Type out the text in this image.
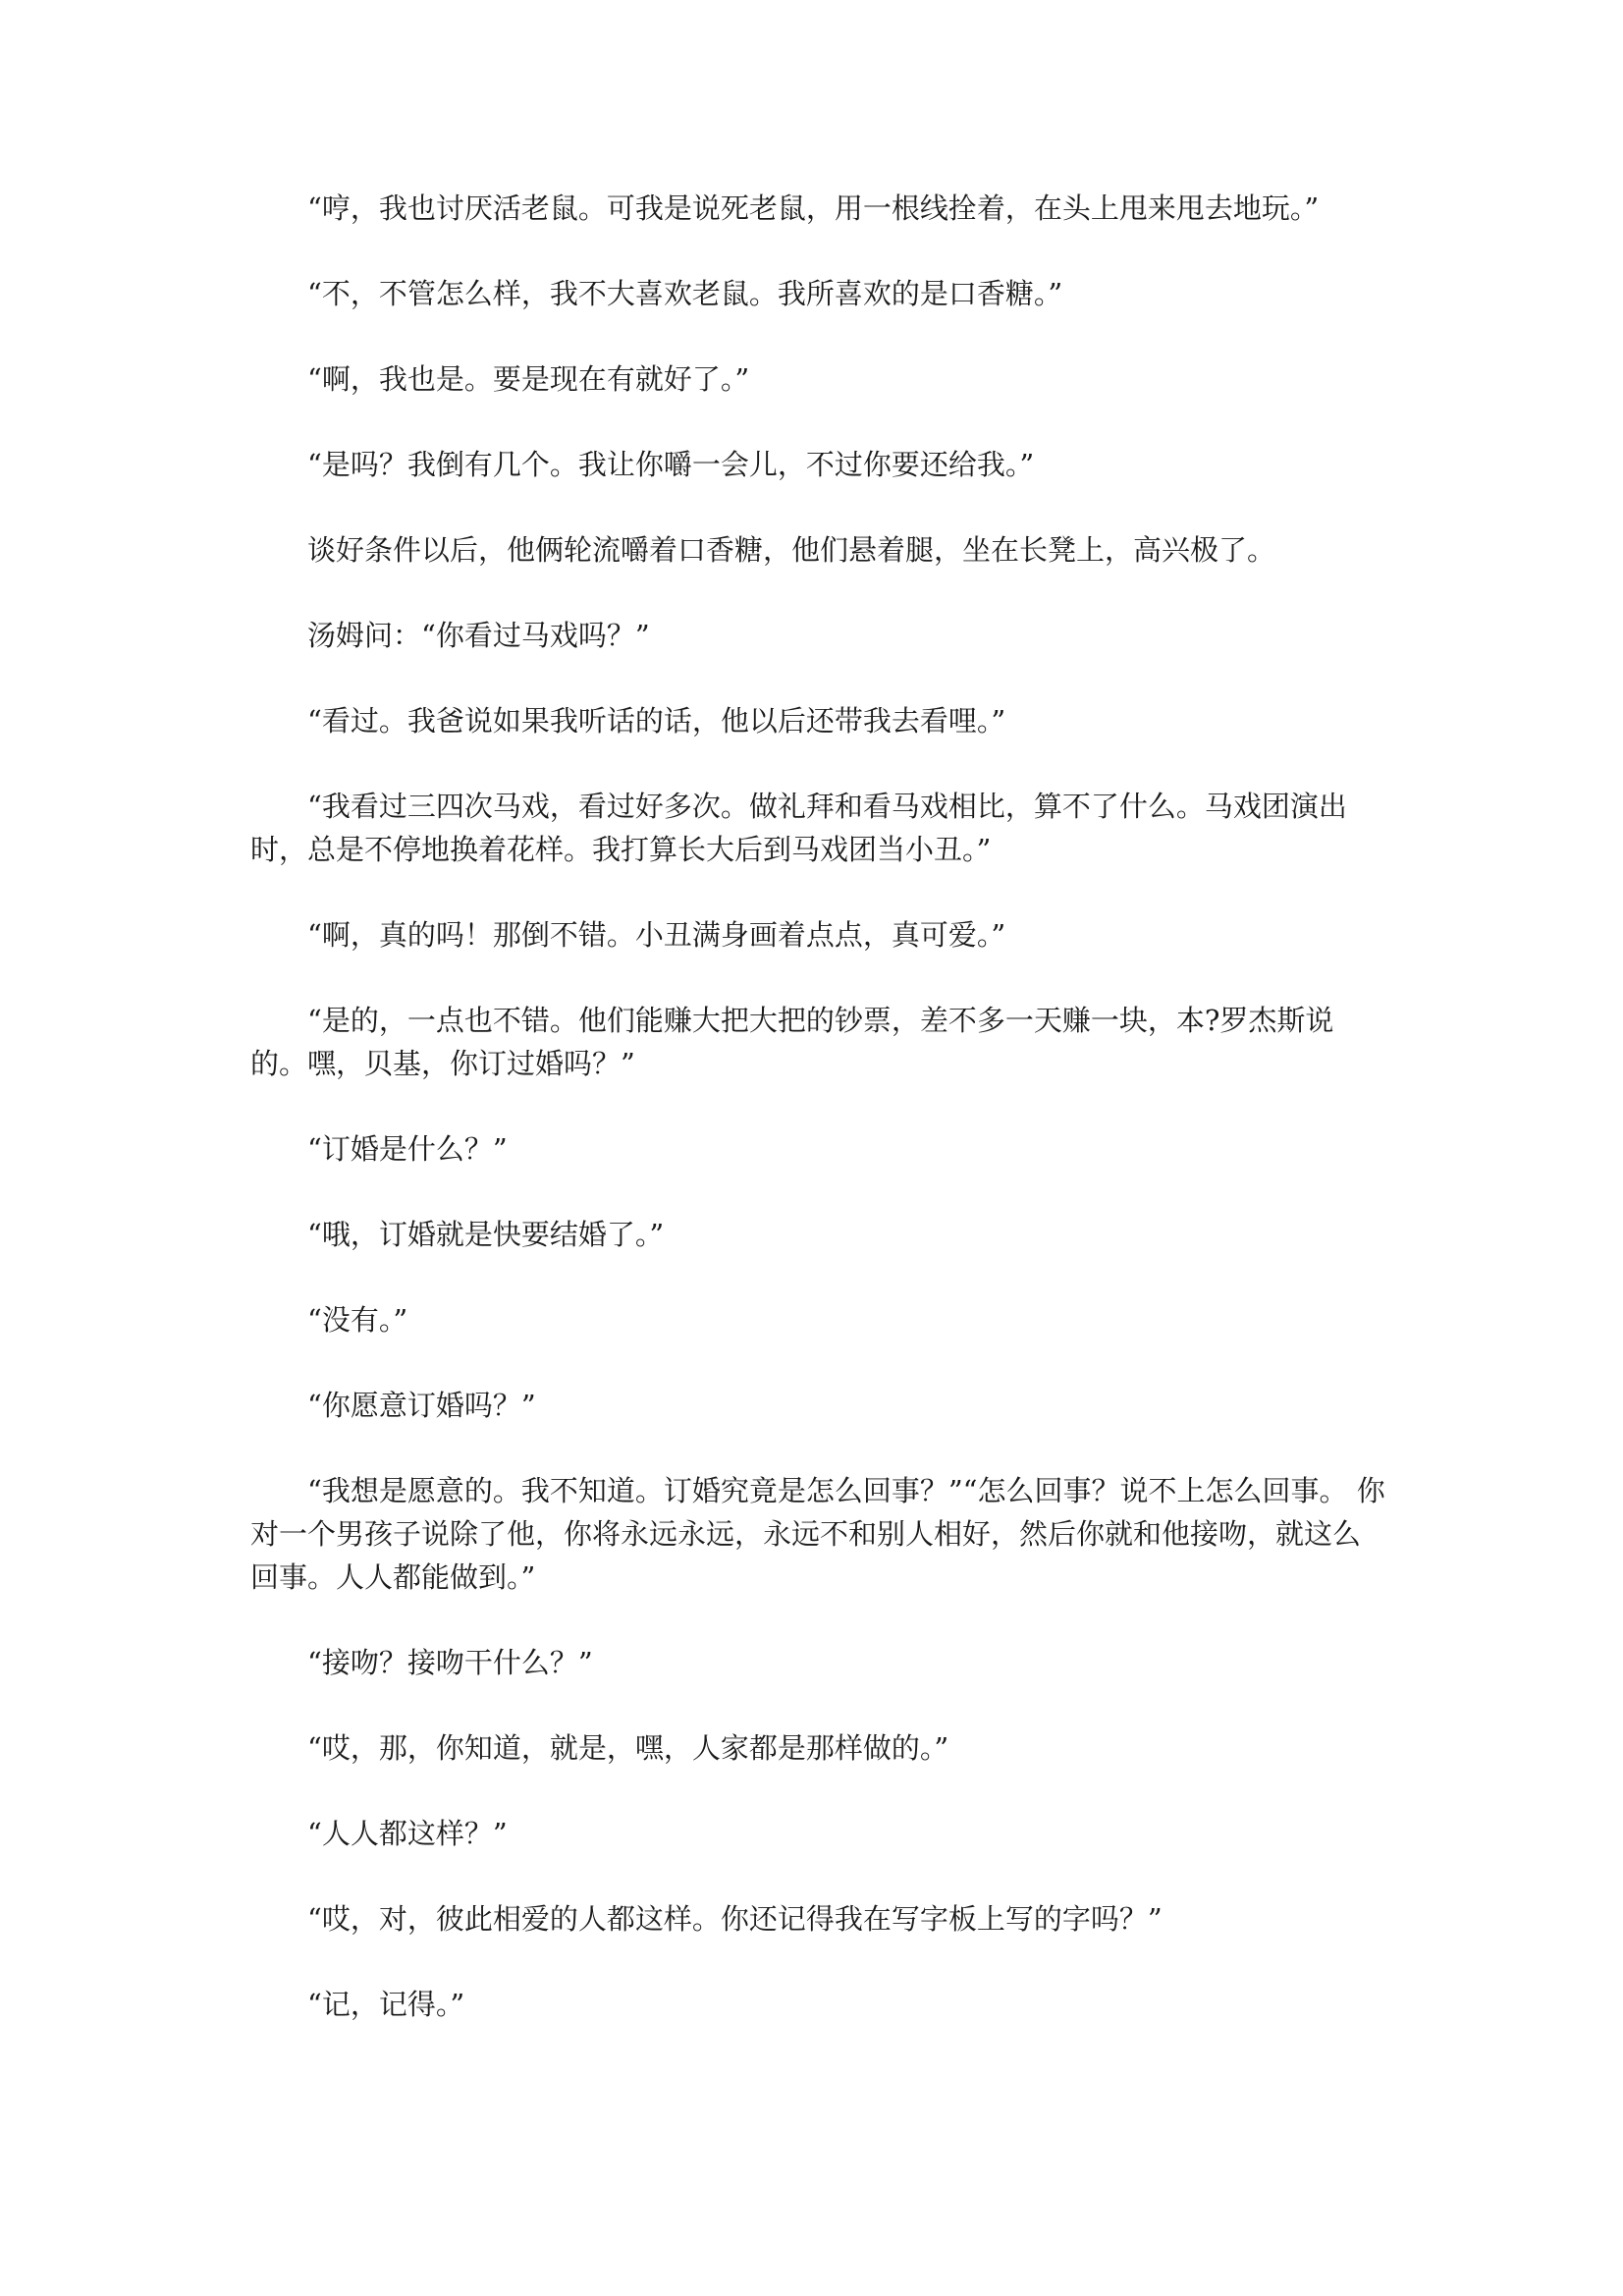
“哼，我也讨厌活老鼠。可我是说死老鼠，用一根线拴着，在头上甩来甩去地玩。”

“不，不管怎么样，我不大喜欢老鼠。我所喜欢的是口香糖。”

“啊，我也是。要是现在有就好了。”

“是吗？我倒有几个。我让你嚼一会儿，不过你要还给我。”

谈好条件以后，他俩轮流嚼着口香糖，他们悬着腿，坐在长凳上，高兴极了。

汤姆问：“你看过马戏吗？”

“看过。我爸说如果我听话的话，他以后还带我去看哩。”

“我看过三四次马戏，看过好多次。做礼拜和看马戏相比，算不了什么。马戏团演出 时，总是不停地换着花样。我打算长大后到马戏团当小丑。”

“啊，真的吗！那倒不错。小丑满身画着点点，真可爱。”

“是的，一点也不错。他们能赚大把大把的钞票，差不多一天赚一块，本?罗杰斯说 的。嘿，贝基，你订过婚吗？”

“订婚是什么？”

“哦，订婚就是快要结婚了。”

“没有。”

“你愿意订婚吗？”

“我想是愿意的。我不知道。订婚究竟是怎么回事？”“怎么回事？说不上怎么回事。 你对一个男孩子说除了他，你将永远永远，永远不和别人相好，然后你就和他接吻，就这么 回事。人人都能做到。”

“接吻？接吻干什么？”

“哎，那，你知道，就是，嘿，人家都是那样做的。”

“人人都这样？”

“哎，对，彼此相爱的人都这样。你还记得我在写字板上写的字吗？”

“记，记得。”
